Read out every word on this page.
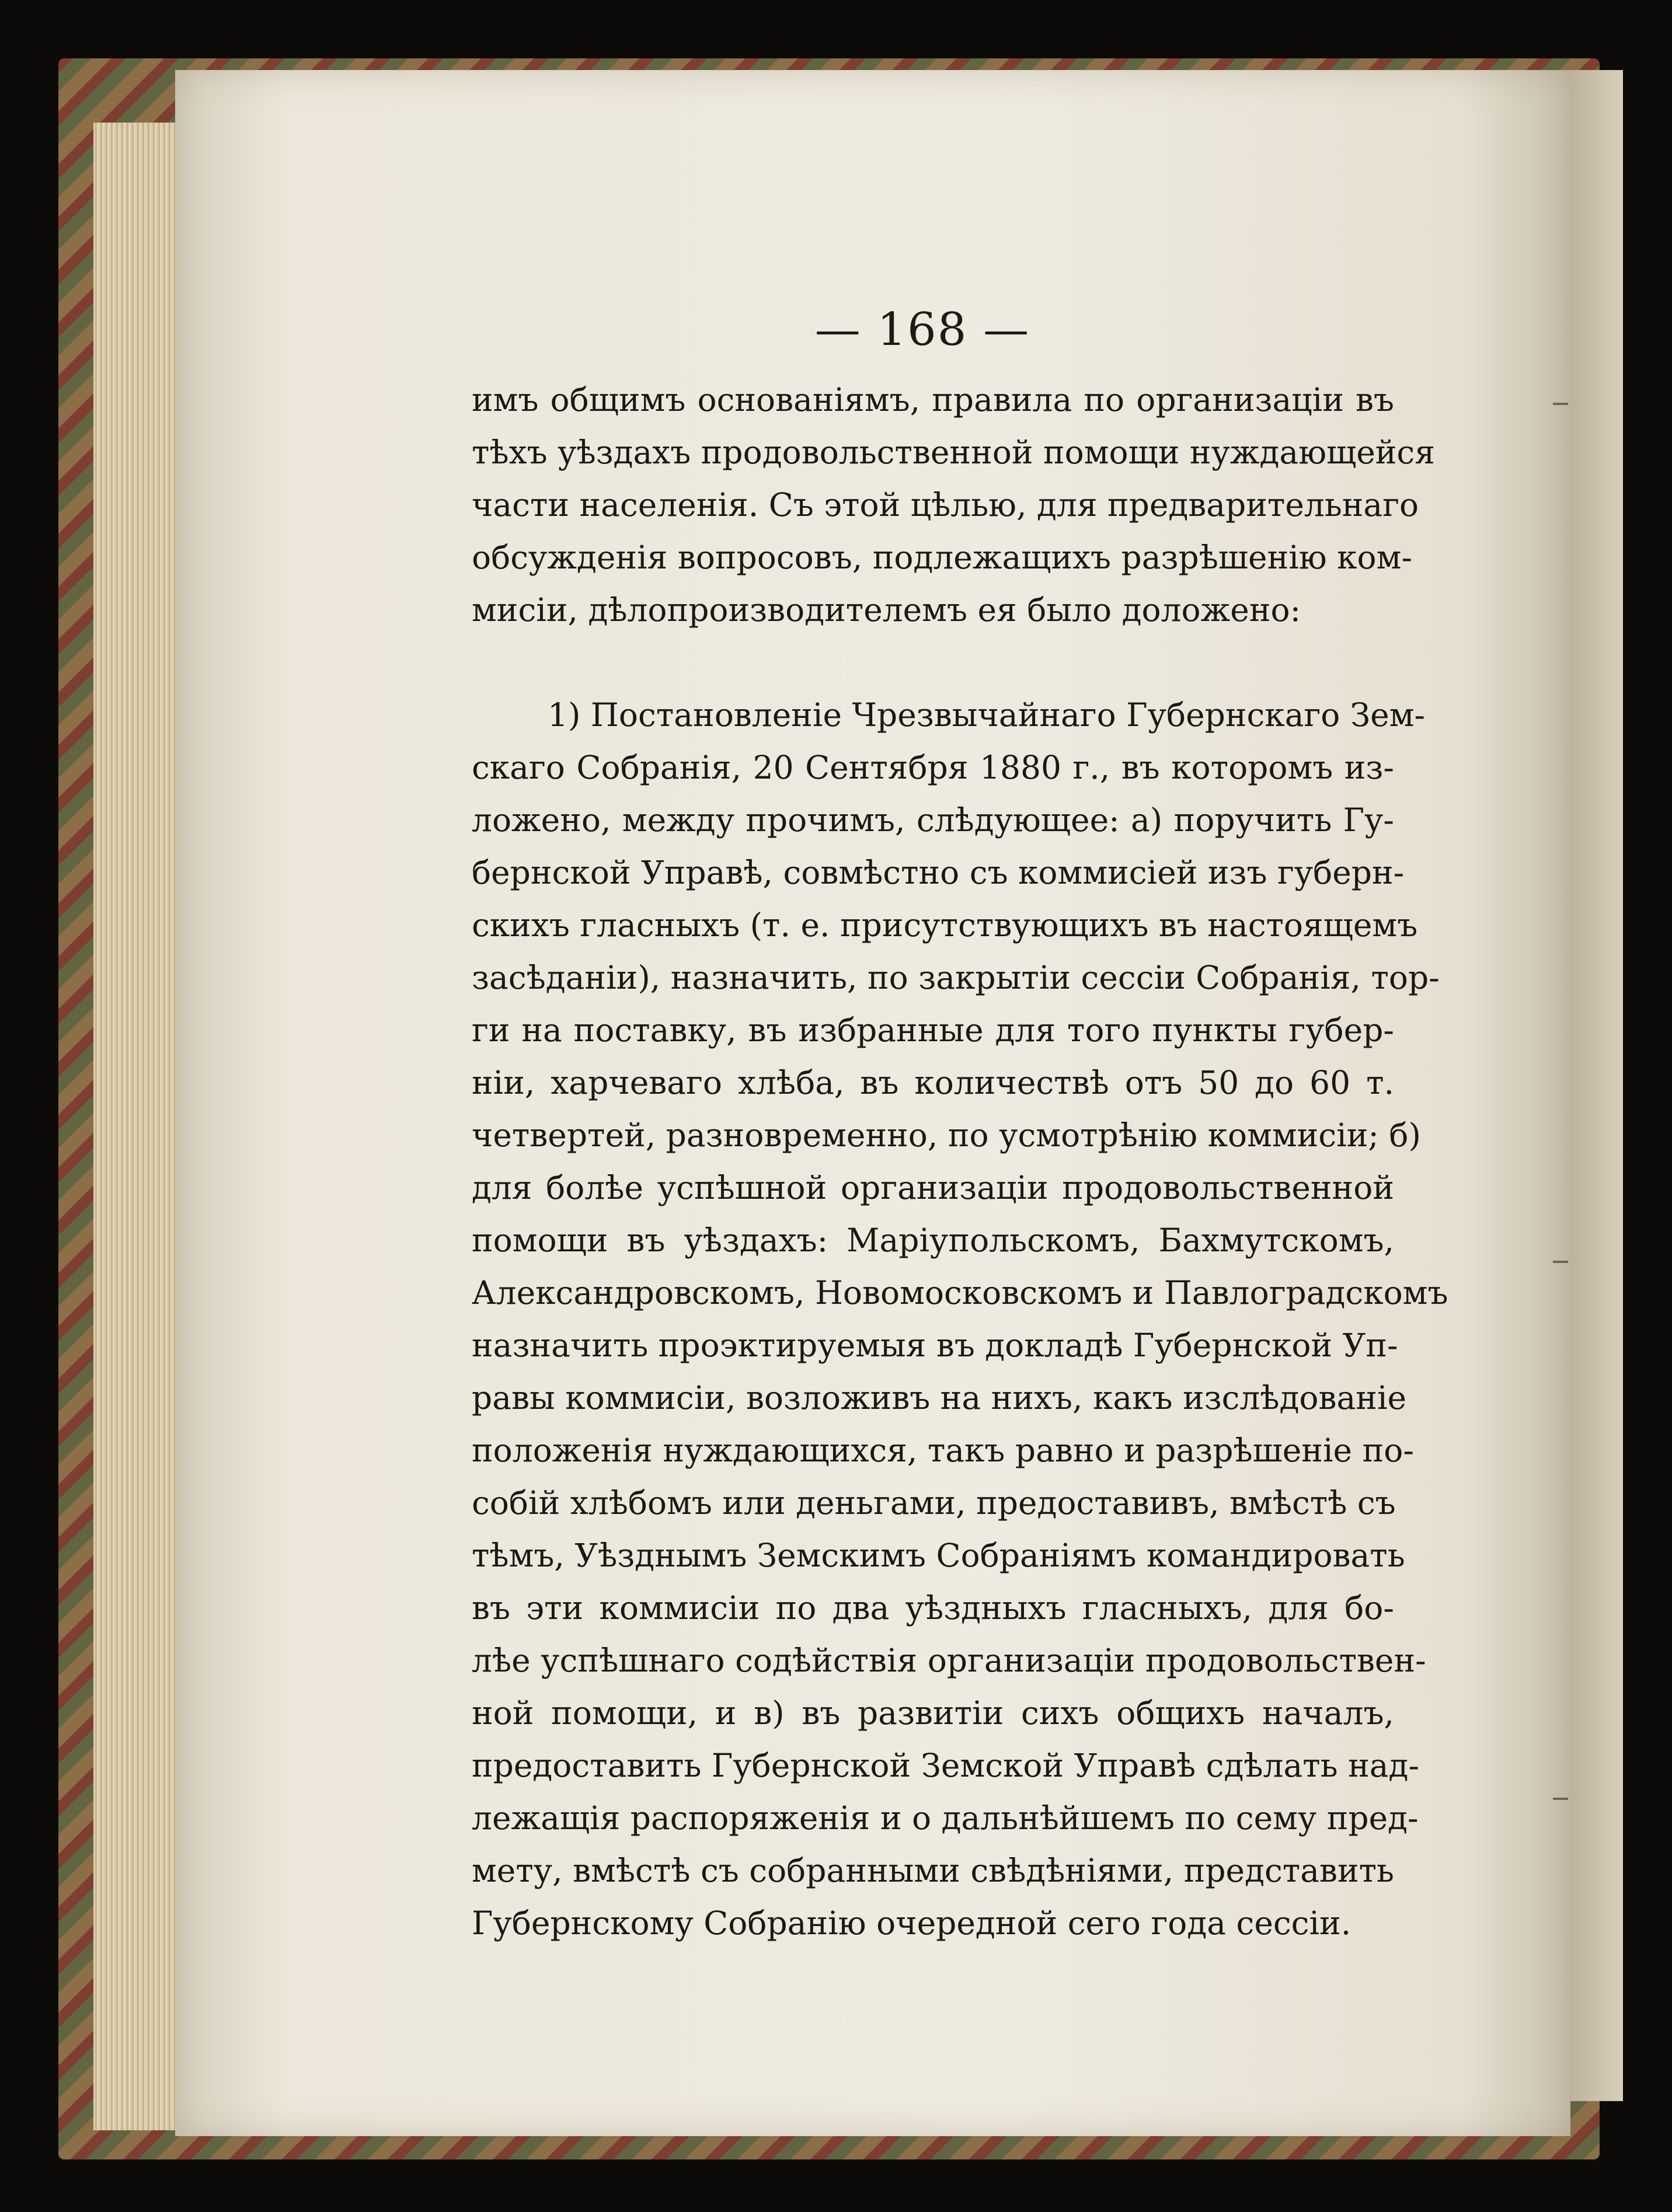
— 168 —
имъ общимъ основаніямъ, правила по организаціи въ
тѣхъ уѣздахъ продовольственной помощи нуждающейся
части населенія. Съ этой цѣлью, для предварительнаго
обсужденія вопросовъ, подлежащихъ разрѣшенію ком-
мисіи, дѣлопроизводителемъ ея было доложено:
1) Постановленіе Чрезвычайнаго Губернскаго Зем-
скаго Собранія, 20 Сентября 1880 г., въ которомъ из-
ложено, между прочимъ, слѣдующее: а) поручить Гу-
бернской Управѣ, совмѣстно съ коммисіей изъ губерн-
скихъ гласныхъ (т. е. присутствующихъ въ настоящемъ
засѣданіи), назначить, по закрытіи сессіи Собранія, тор-
ги на поставку, въ избранные для того пункты губер-
ніи, харчеваго хлѣба, въ количествѣ отъ 50 до 60 т.
четвертей, разновременно, по усмотрѣнію коммисіи; б)
для болѣе успѣшной организаціи продовольственной
помощи въ уѣздахъ: Маріупольскомъ, Бахмутскомъ,
Александровскомъ, Новомосковскомъ и Павлоградскомъ
назначить проэктируемыя въ докладѣ Губернской Уп-
равы коммисіи, возложивъ на нихъ, какъ изслѣдованіе
положенія нуждающихся, такъ равно и разрѣшеніе по-
собій хлѣбомъ или деньгами, предоставивъ, вмѣстѣ съ
тѣмъ, Уѣзднымъ Земскимъ Собраніямъ командировать
въ эти коммисіи по два уѣздныхъ гласныхъ, для бо-
лѣе успѣшнаго содѣйствія организаціи продовольствен-
ной помощи, и в) въ развитіи сихъ общихъ началъ,
предоставить Губернской Земской Управѣ сдѣлать над-
лежащія распоряженія и о дальнѣйшемъ по сему пред-
мету, вмѣстѣ съ собранными свѣдѣніями, представить
Губернскому Собранію очередной сего года сессіи.
